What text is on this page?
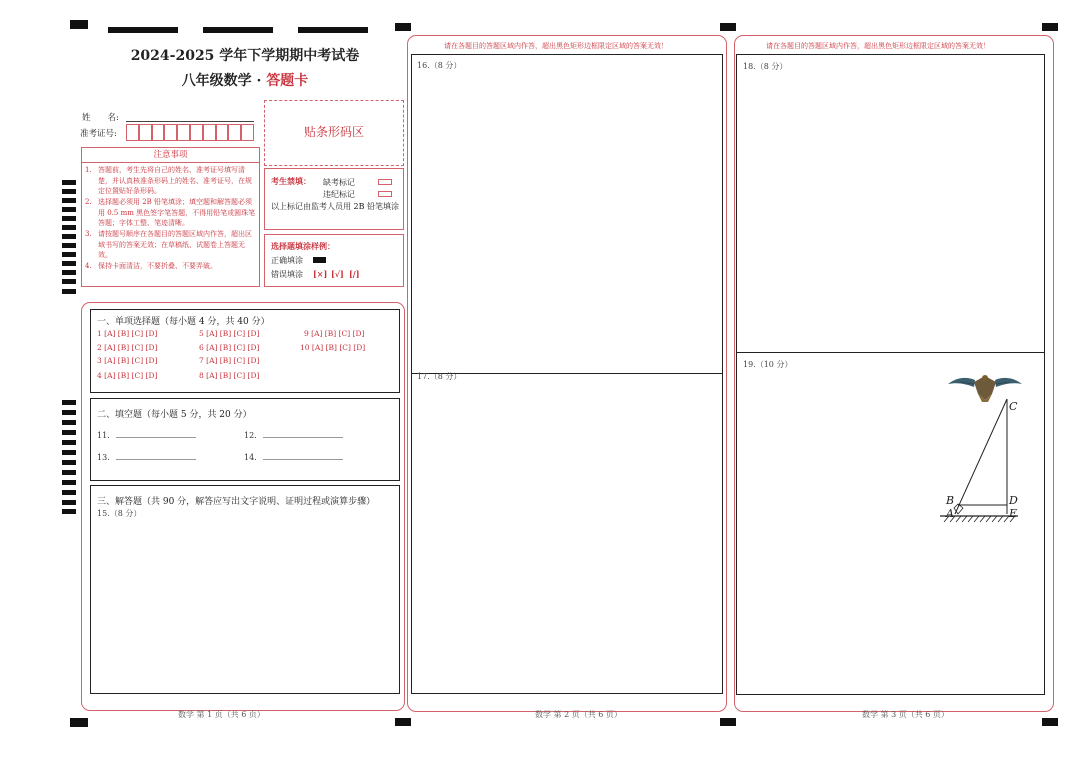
2024-2025 学年下学期期中考试卷
八年级数学 · 答题卡
姓　　名:
准考证号:	贴条形码区
注意事项
1. 答题前，考生先将自己的姓名、准考证号填写清楚，并认真核准条形码上的姓名、准考证号，在规定位置贴好条形码。
2. 选择题必须用 2B 铅笔填涂；填空题和解答题必须用 0.5 mm 黑色签字笔答题，不得用铅笔或圆珠笔答题；字体工整、笔迹清晰。
3. 请按题号顺序在各题目的答题区域内作答，超出区域书写的答案无效；在草稿纸、试题卷上答题无效。
4. 保持卡面清洁，不要折叠、不要弄破。
考生禁填： 缺考标记
违纪标记
以上标记由监考人员用 2B 铅笔填涂
选择题填涂样例：
正确填涂
错误填涂 [×] [√] [/]
一、单项选择题（每小题 4 分，共 40 分）
1 [A] [B] [C] [D]
2 [A] [B] [C] [D]
3 [A] [B] [C] [D]
4 [A] [B] [C] [D]
5 [A] [B] [C] [D]
6 [A] [B] [C] [D]
7 [A] [B] [C] [D]
8 [A] [B] [C] [D]
9 [A] [B] [C] [D]
10 [A] [B] [C] [D]
二、填空题（每小题 5 分，共 20 分）
11.	12.
13.	14.
三、解答题（共 90 分，解答应写出文字说明、证明过程或演算步骤）
15.（8 分）
数学 第 1 页（共 6 页）
请在各题目的答题区域内作答，超出黑色矩形边框限定区域的答案无效！
16.（8 分）
17.（8 分）
数学 第 2 页（共 6 页）
请在各题目的答题区域内作答，超出黑色矩形边框限定区域的答案无效！
18.（8 分）
19.（10 分）
A
B
C
D
E
数学 第 3 页（共 6 页）
